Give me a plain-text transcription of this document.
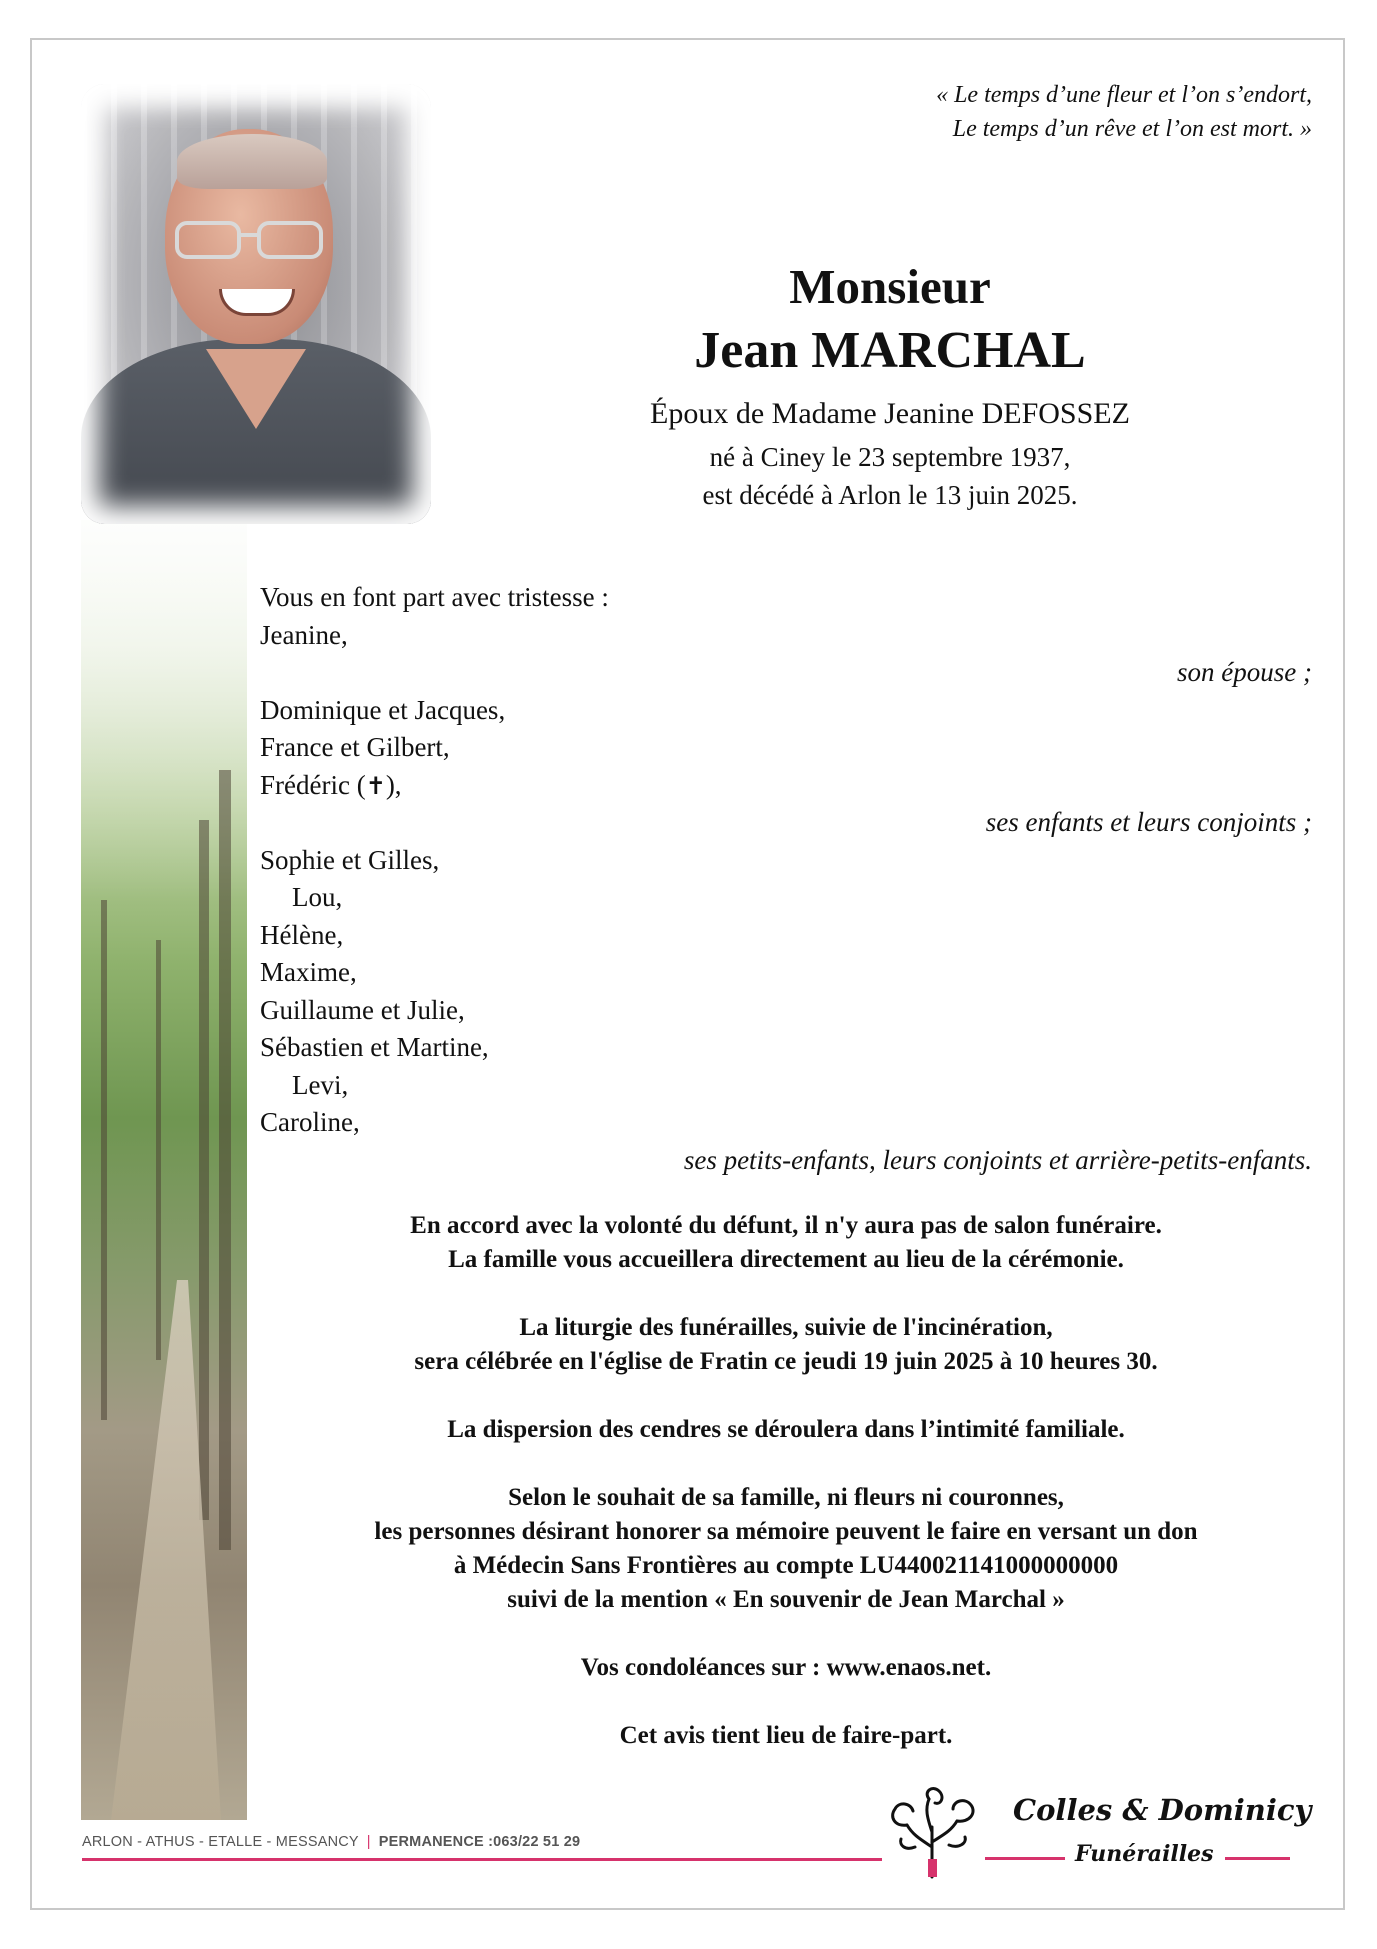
« Le temps d’une fleur et l’on s’endort,
Le temps d’un rêve et l’on est mort. »
Monsieur
Jean MARCHAL
Époux de Madame Jeanine DEFOSSEZ
né à Ciney le 23 septembre 1937,
est décédé à Arlon le 13 juin 2025.
Vous en font part avec tristesse :
Jeanine,
son épouse ;
Dominique et Jacques,
France et Gilbert,
Frédéric (✝),
ses enfants et leurs conjoints ;
Sophie et Gilles,
Lou,
Hélène,
Maxime,
Guillaume et Julie,
Sébastien et Martine,
Levi,
Caroline,
ses petits-enfants, leurs conjoints et arrière-petits-enfants.
En accord avec la volonté du défunt, il n'y aura pas de salon funéraire.
La famille vous accueillera directement au lieu de la cérémonie.
La liturgie des funérailles, suivie de l'incinération,
sera célébrée en l'église de Fratin ce jeudi 19 juin 2025 à 10 heures 30.
La dispersion des cendres se déroulera dans l’intimité familiale.
Selon le souhait de sa famille, ni fleurs ni couronnes,
les personnes désirant honorer sa mémoire peuvent le faire en versant un don
à Médecin Sans Frontières au compte LU440021141000000000
suivi de la mention « En souvenir de Jean Marchal »
Vos condoléances sur : www.enaos.net.
Cet avis tient lieu de faire-part.
ARLON - ATHUS - ETALLE - MESSANCY | PERMANENCE :063/22 51 29
Colles & Dominicy
Funérailles
